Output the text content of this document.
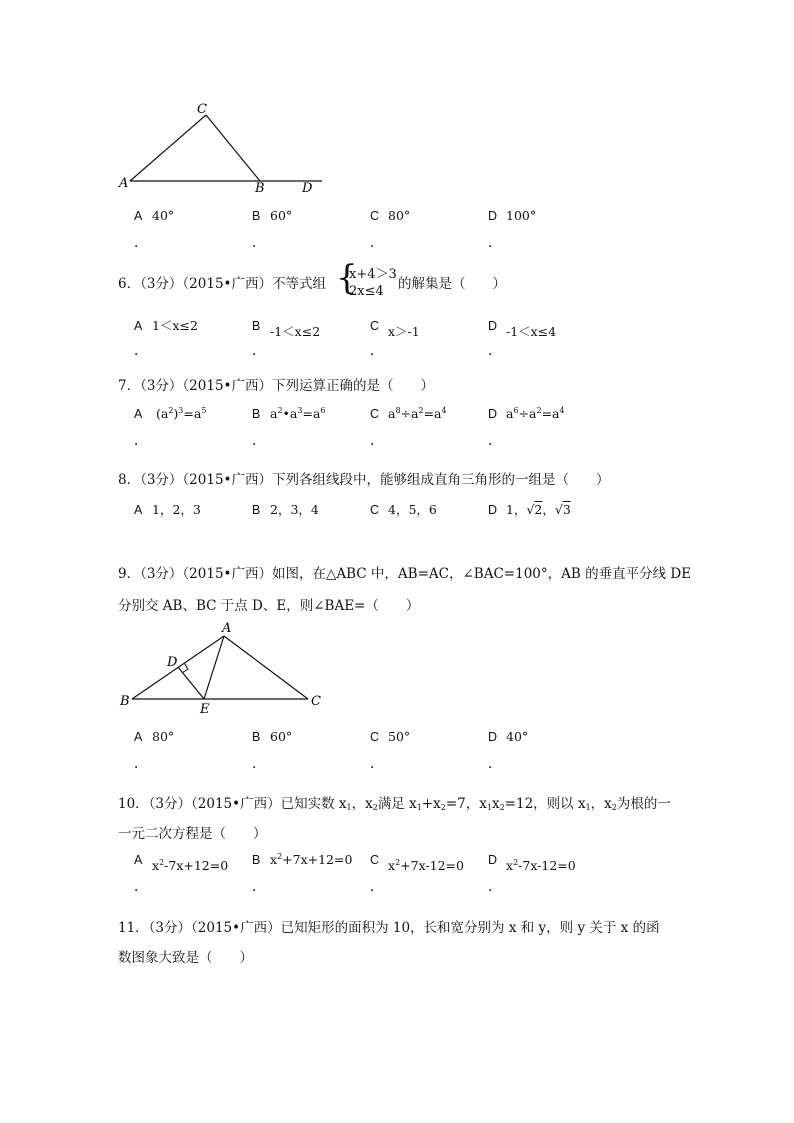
C
A	B	D
A 40°	B 60°	C 80°	D 100°
．	．	．	．
6．（3分）（2015•广西）不等式组 {
x+4＞3
2x≤4 的解集是（　　）
A 1＜x≤2	B -1＜x≤2	C x＞-1	D -1＜x≤4
．	．	．	．
7．（3分）（2015•广西）下列运算正确的是（　　）
A $(a^2)^3=a^5$	B $a^2•a^3=a^6$	C $a^8\div a^2=a^4$	D $a^6\div a^2=a^4$
．	．	．	．
8．（3分）（2015•广西）下列各组线段中，能够组成直角三角形的一组是（　　）
A 1，2，3	B 2，3，4	C 4，5，6	D 1，√2，√3
9．（3分）（2015•广西）如图，在△ABC 中，AB=AC，∠BAC=100°，AB 的垂直平分线 DE
分别交 AB、BC 于点 D、E，则∠BAE=（　　）
A
D
B
E
C
A 80°	B 60°	C 50°	D 40°
．	．	．	．
10．（3分）（2015•广西）已知实数 $x_1$，$x_2$满足 $x_1+x_2=7$，$x_1x_2=12$，则以 $x_1$，$x_2$为根的一
一元二次方程是（　　）
A $x^2-7x+12=0$ B $x^2+7x+12=0$ C $x^2+7x-12=0$ D $x^2-7x-12=0$
．	．	．	．
11．（3分）（2015•广西）已知矩形的面积为 10，长和宽分别为 x 和 y，则 y 关于 x 的函
数图象大致是（　　）
